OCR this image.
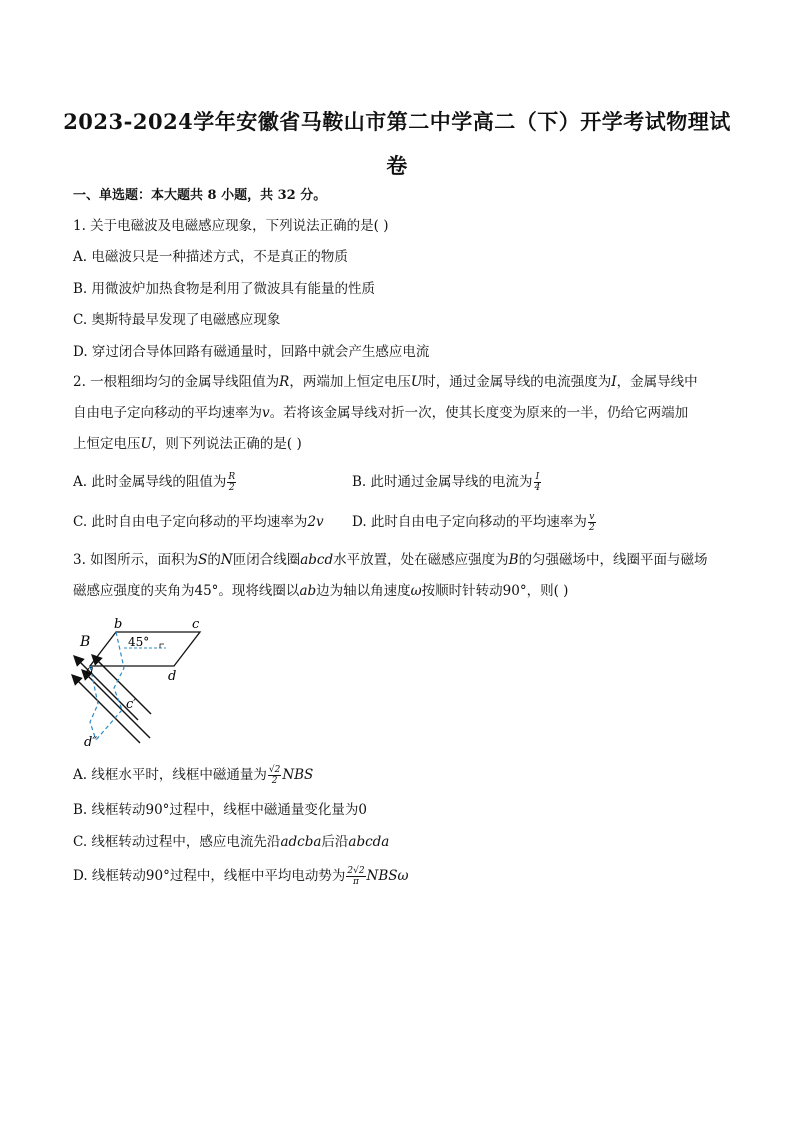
2023-2024学年安徽省马鞍山市第二中学高二（下）开学考试物理试
卷
一、单选题：本大题共 8 小题，共 32 分。
1. 关于电磁波及电磁感应现象，下列说法正确的是( )
A. 电磁波只是一种描述方式，不是真正的物质
B. 用微波炉加热食物是利用了微波具有能量的性质
C. 奥斯特最早发现了电磁感应现象
D. 穿过闭合导体回路有磁通量时，回路中就会产生感应电流
2. 一根粗细均匀的金属导线阻值为R，两端加上恒定电压U时，通过金属导线的电流强度为I，金属导线中
自由电子定向移动的平均速率为v。若将该金属导线对折一次，使其长度变为原来的一半，仍给它两端加
上恒定电压U，则下列说法正确的是( )
A. 此时金属导线的阻值为 $\frac{R}{2}$	B. 此时通过金属导线的电流为 $\frac{I}{4}$
C. 此时自由电子定向移动的平均速率为2v D. 此时自由电子定向移动的平均速率为 $\frac{v}{2}$
3. 如图所示，面积为S的N匝闭合线圈abcd水平放置，处在磁感应强度为B的匀强磁场中，线圈平面与磁场
磁感应强度的夹角为45°。现将线圈以ab边为轴以角速度ω按顺时针转动90°，则( )
B
b	c
a	d
c′
d″
45°
A. 线框水平时，线框中磁通量为 $\frac{√2}{2}$ NBS
B. 线框转动90°过程中，线框中磁通量变化量为0
C. 线框转动过程中，感应电流先沿adcba后沿abcda
D. 线框转动90°过程中，线框中平均电动势为 $\frac{2√2}{\pi}$ NBSω
